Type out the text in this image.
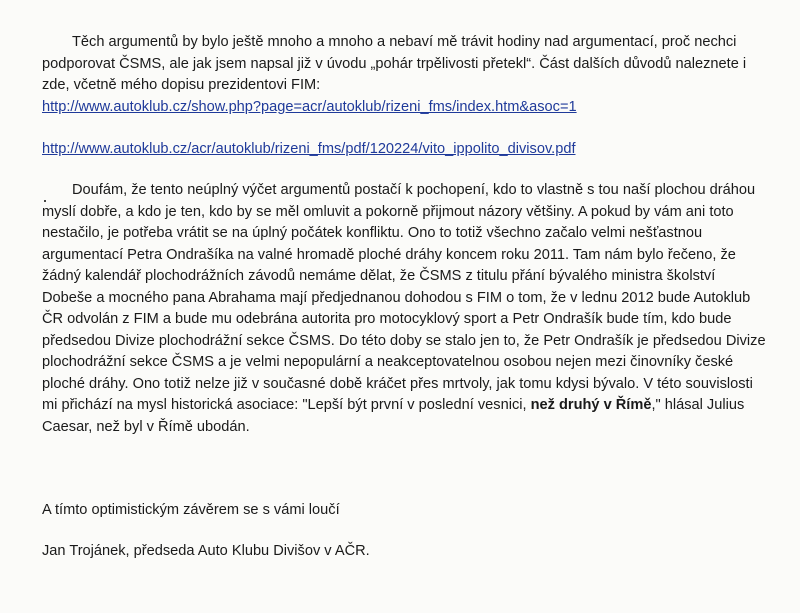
Těch argumentů by bylo ještě mnoho a mnoho a nebaví mě trávit hodiny nad argumentací, proč nechci podporovat ČSMS, ale jak jsem napsal již v úvodu „pohár trpělivosti přetekl“. Část dalších důvodů naleznete i zde, včetně mého dopisu prezidentovi FIM:
http://www.autoklub.cz/show.php?page=acr/autoklub/rizeni_fms/index.htm&asoc=1

http://www.autoklub.cz/acr/autoklub/rizeni_fms/pdf/120224/vito_ippolito_divisov.pdf

Doufám, že tento neúplný výčet argumentů postačí k pochopení, kdo to vlastně s tou naší plochou dráhou myslí dobře, a kdo je ten, kdo by se měl omluvit a pokorně přijmout názory většiny. A pokud by vám ani toto nestačilo, je potřeba vrátit se na úplný počátek konfliktu. Ono to totiž všechno začalo velmi nešťastnou argumentací Petra Ondrašíka na valné hromadě ploché dráhy koncem roku 2011. Tam nám bylo řečeno, že žádný kalendář plochodrážních závodů nemáme dělat, že ČSMS z titulu přání bývalého ministra školství Dobeše a mocného pana Abrahama mají předjednanou dohodou s FIM o tom, že v lednu 2012 bude Autoklub ČR odvolán z FIM a bude mu odebrána autorita pro motocyklový sport a Petr Ondrašík bude tím, kdo bude předsedou Divize plochodrážní sekce ČSMS. Do této doby se stalo jen to, že Petr Ondrašík je předsedou Divize plochodrážní sekce ČSMS a je velmi nepopulární a neakceptovatelnou osobou nejen mezi činovníky české ploché dráhy. Ono totiž nelze již v současné době kráčet přes mrtvoly, jak tomu kdysi bývalo. V této souvislosti mi přichází na mysl historická asociace: "Lepší být první v poslední vesnici, než druhý v Římě," hlásal Julius Caesar, než byl v Římě ubodán.

A tímto optimistickým závěrem se s vámi loučí

Jan Trojánek, předseda Auto Klubu Divišov v AČR.
